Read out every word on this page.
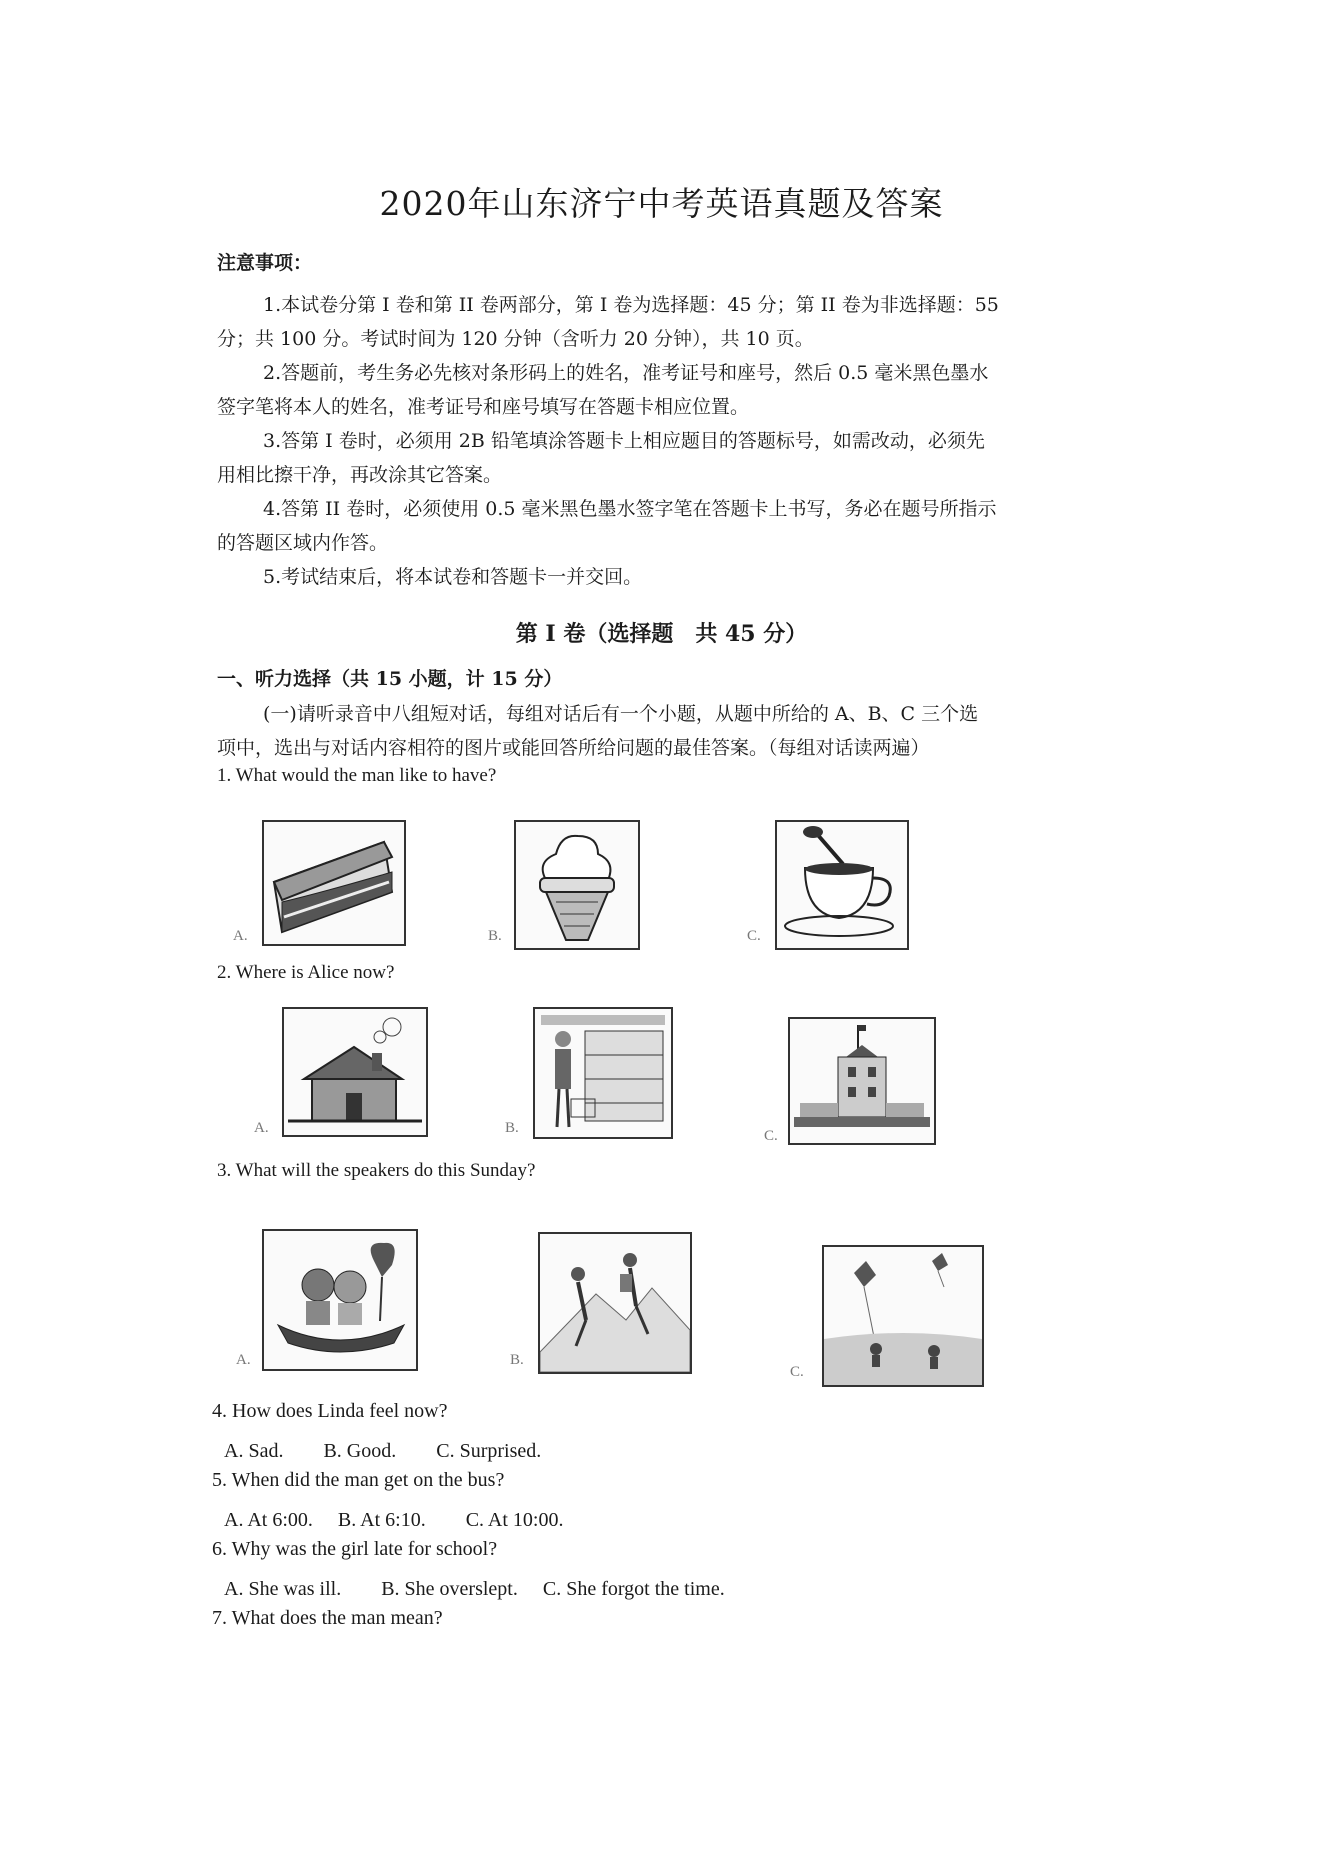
2020年山东济宁中考英语真题及答案
注意事项：
1.本试卷分第 I 卷和第 II 卷两部分，第 I 卷为选择题：45 分；第 II 卷为非选择题：55
分；共 100 分。考试时间为 120 分钟（含听力 20 分钟），共 10 页。
2.答题前，考生务必先核对条形码上的姓名，准考证号和座号，然后 0.5 毫米黑色墨水
签字笔将本人的姓名，准考证号和座号填写在答题卡相应位置。
3.答第 I 卷时，必须用 2B 铅笔填涂答题卡上相应题目的答题标号，如需改动，必须先
用相比擦干净，再改涂其它答案。
4.答第 II 卷时，必须使用 0.5 毫米黑色墨水签字笔在答题卡上书写，务必在题号所指示
的答题区域内作答。
5.考试结束后，将本试卷和答题卡一并交回。
第 I 卷（选择题　共 45 分）
一、听力选择（共 15 小题，计 15 分）
(一)请听录音中八组短对话，每组对话后有一个小题，从题中所给的 A、B、C 三个选
项中，选出与对话内容相符的图片或能回答所给问题的最佳答案。（每组对话读两遍）
1. What would the man like to have?
A.	B.	C.
2. Where is Alice now?
A.	B.	C.
3. What will the speakers do this Sunday?
A.	B.
C.
4. How does Linda feel now?
A. Sad.　　B. Good.　　C. Surprised.
5. When did the man get on the bus?
A. At 6:00.　 B. At 6:10.　　C. At 10:00.
6. Why was the girl late for school?
A. She was ill.　　B. She overslept.　 C. She forgot the time.
7. What does the man mean?
